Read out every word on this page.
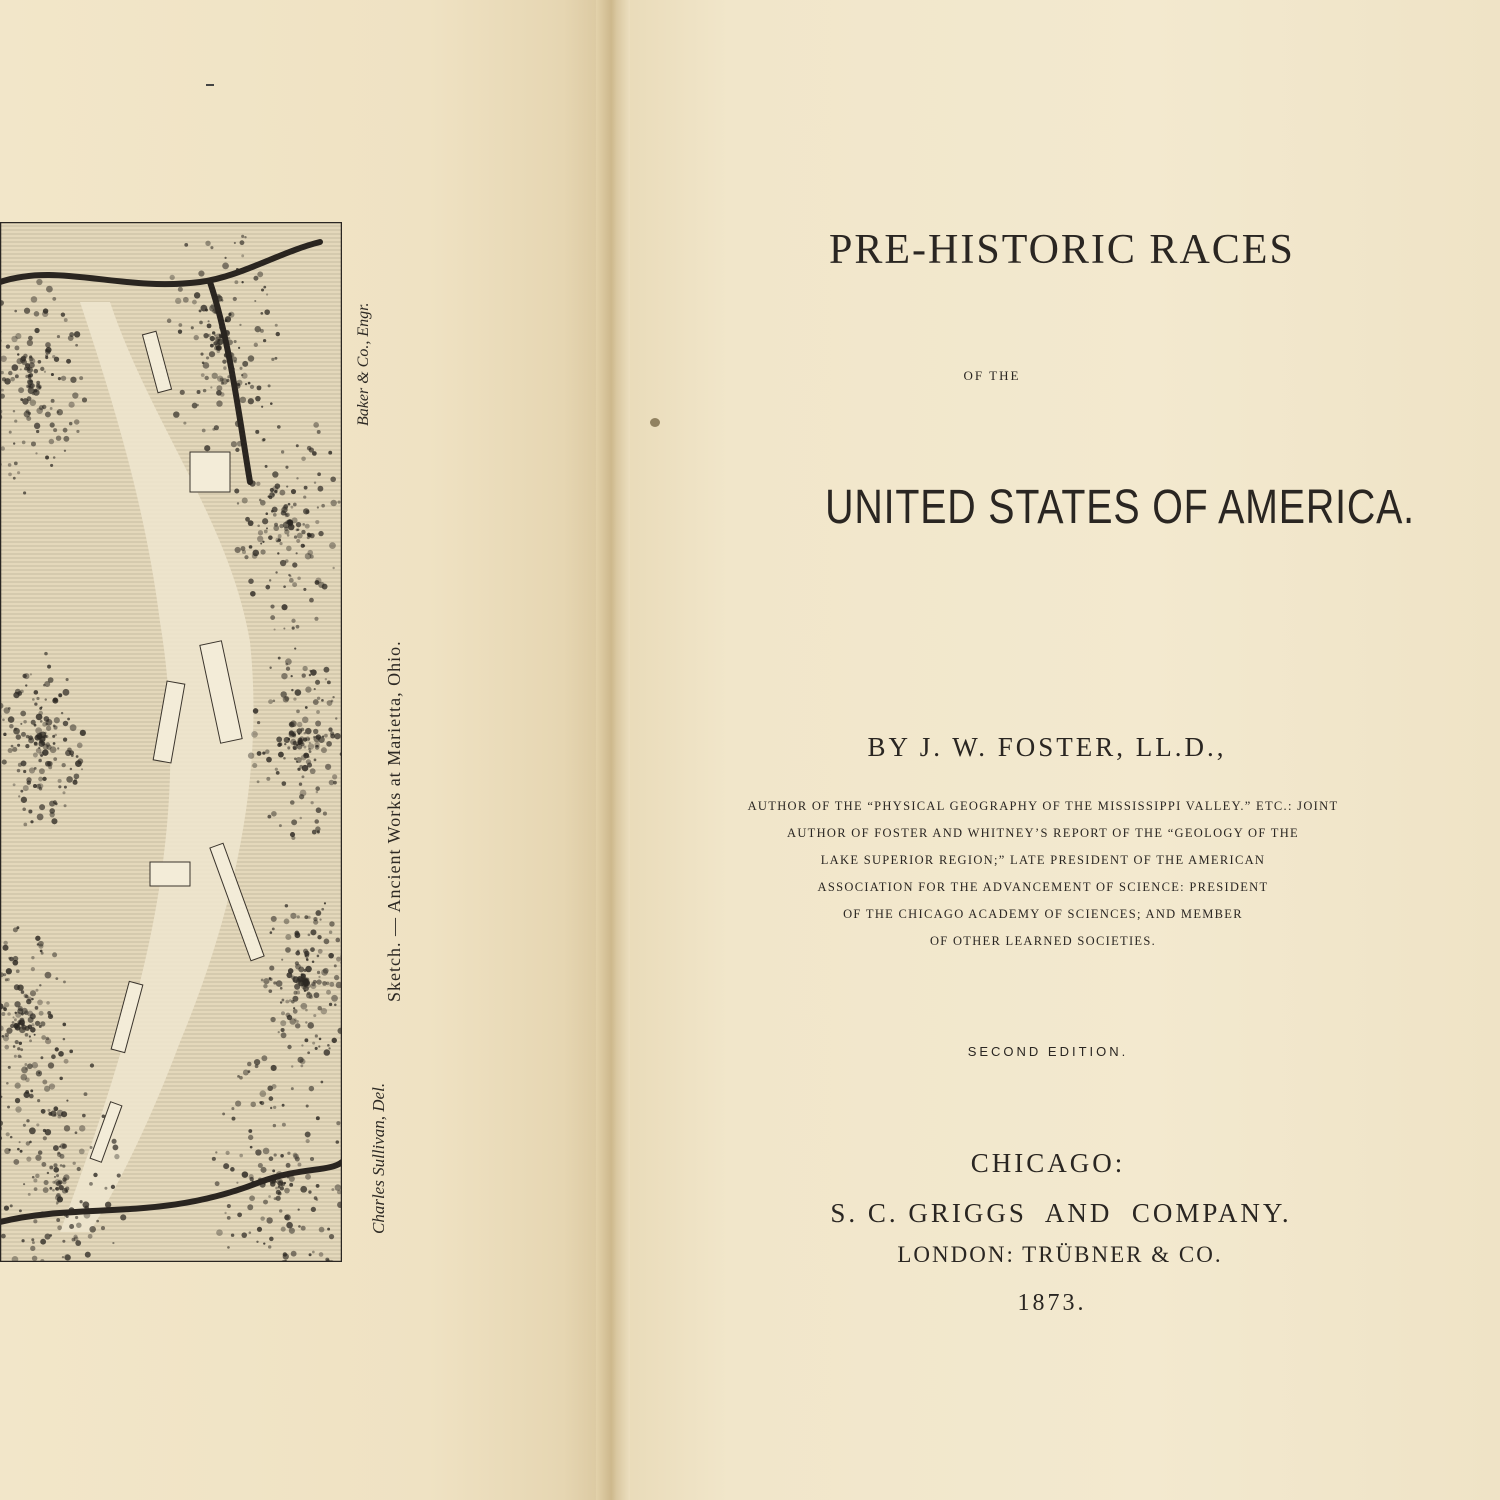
Charles Sullivan, Del.
Baker & Co., Engr.
Sketch. — Ancient Works at Marietta, Ohio.
PRE-HISTORIC RACES
OF THE
UNITED STATES OF AMERICA.
BY J. W. FOSTER, LL.D.,
AUTHOR OF THE “PHYSICAL GEOGRAPHY OF THE MISSISSIPPI VALLEY.” ETC.: JOINT
AUTHOR OF FOSTER AND WHITNEY’S REPORT OF THE “GEOLOGY OF THE
LAKE SUPERIOR REGION;” LATE PRESIDENT OF THE AMERICAN
ASSOCIATION FOR THE ADVANCEMENT OF SCIENCE: PRESIDENT
OF THE CHICAGO ACADEMY OF SCIENCES; AND MEMBER
OF OTHER LEARNED SOCIETIES.
SECOND EDITION.
CHICAGO:
S. C. GRIGGS  AND  COMPANY.
LONDON: TRÜBNER & CO.
1873.
